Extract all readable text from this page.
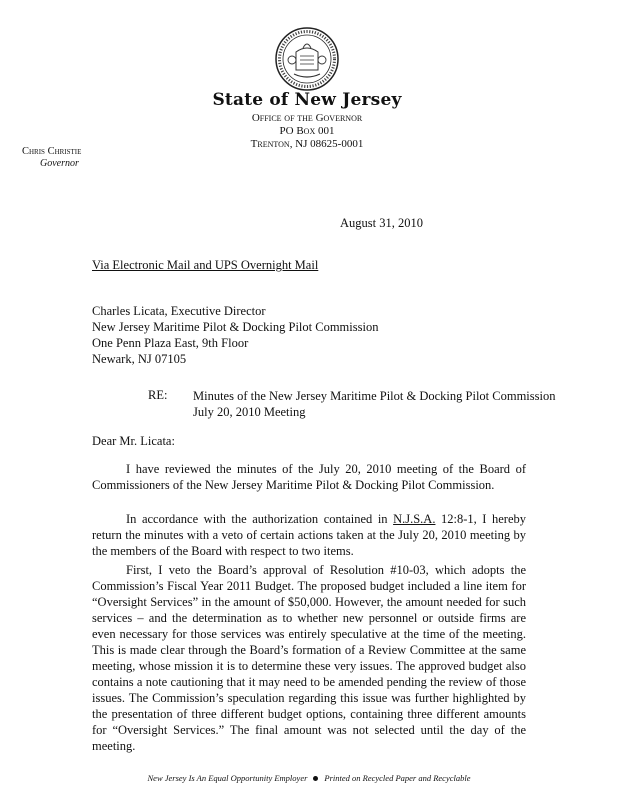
State of New Jersey
Office of the Governor
PO Box 001
Trenton, NJ 08625-0001
Chris Christie
Governor
August 31, 2010
Via Electronic Mail and UPS Overnight Mail
Charles Licata, Executive Director
New Jersey Maritime Pilot & Docking Pilot Commission
One Penn Plaza East, 9th Floor
Newark, NJ 07105
RE: Minutes of the New Jersey Maritime Pilot & Docking Pilot Commission
July 20, 2010 Meeting
Dear Mr. Licata:

I have reviewed the minutes of the July 20, 2010 meeting of the Board of Commissioners of the New Jersey Maritime Pilot & Docking Pilot Commission.

In accordance with the authorization contained in N.J.S.A. 12:8-1, I hereby return the minutes with a veto of certain actions taken at the July 20, 2010 meeting by the members of the Board with respect to two items.

First, I veto the Board’s approval of Resolution #10-03, which adopts the Commission’s Fiscal Year 2011 Budget. The proposed budget included a line item for “Oversight Services” in the amount of $50,000. However, the amount needed for such services – and the determination as to whether new personnel or outside firms are even necessary for those services was entirely speculative at the time of the meeting. This is made clear through the Board’s formation of a Review Committee at the same meeting, whose mission it is to determine these very issues. The approved budget also contains a note cautioning that it may need to be amended pending the review of those issues. The Commission’s speculation regarding this issue was further highlighted by the presentation of three different budget options, containing three different amounts for “Oversight Services.” The final amount was not selected until the day of the meeting.

New Jersey Is An Equal Opportunity Employer Printed on Recycled Paper and Recyclable
